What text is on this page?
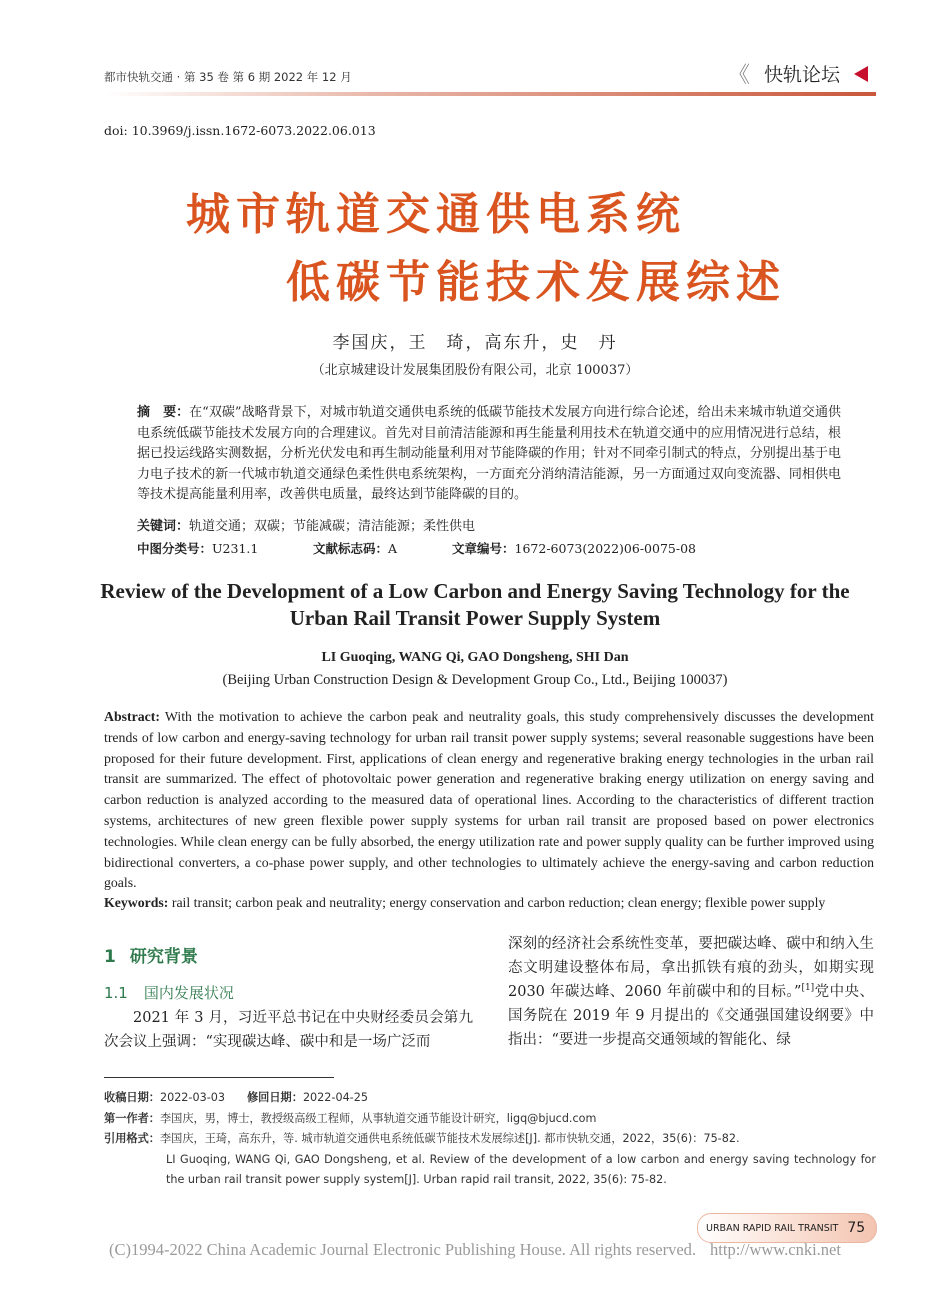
都市快轨交通 · 第 35 卷 第 6 期 2022 年 12 月	《 快轨论坛
doi: 10.3969/j.issn.1672-6073.2022.06.013
城市轨道交通供电系统
低碳节能技术发展综述
李国庆，王　琦，高东升，史　丹
（北京城建设计发展集团股份有限公司，北京 100037）
摘　要：在“双碳”战略背景下，对城市轨道交通供电系统的低碳节能技术发展方向进行综合论述，给出未来城市轨道交通供电系统低碳节能技术发展方向的合理建议。首先对目前清洁能源和再生能量利用技术在轨道交通中的应用情况进行总结，根据已投运线路实测数据，分析光伏发电和再生制动能量利用对节能降碳的作用；针对不同牵引制式的特点，分别提出基于电力电子技术的新一代城市轨道交通绿色柔性供电系统架构，一方面充分消纳清洁能源，另一方面通过双向变流器、同相供电等技术提高能量利用率，改善供电质量，最终达到节能降碳的目的。
关键词：轨道交通；双碳；节能减碳；清洁能源；柔性供电
中图分类号：U231.1	文献标志码：A	文章编号：1672-6073(2022)06-0075-08
Review of the Development of a Low Carbon and Energy Saving Technology for the Urban Rail Transit Power Supply System
LI Guoqing, WANG Qi, GAO Dongsheng, SHI Dan
(Beijing Urban Construction Design & Development Group Co., Ltd., Beijing 100037)
Abstract: With the motivation to achieve the carbon peak and neutrality goals, this study comprehensively discusses the development trends of low carbon and energy-saving technology for urban rail transit power supply systems; several reasonable suggestions have been proposed for their future development. First, applications of clean energy and regenerative braking energy technologies in the urban rail transit are summarized. The effect of photovoltaic power generation and regenerative braking energy utilization on energy saving and carbon reduction is analyzed according to the measured data of operational lines. According to the characteristics of different traction systems, architectures of new green flexible power supply systems for urban rail transit are proposed based on power electronics technologies. While clean energy can be fully absorbed, the energy utilization rate and power supply quality can be further improved using bidirectional converters, a co-phase power supply, and other technologies to ultimately achieve the energy-saving and carbon reduction goals.
Keywords: rail transit; carbon peak and neutrality; energy conservation and carbon reduction; clean energy; flexible power supply
1 研究背景
1.1 国内发展状况
2021 年 3 月，习近平总书记在中央财经委员会第九次会议上强调：“实现碳达峰、碳中和是一场广泛而
深刻的经济社会系统性变革，要把碳达峰、碳中和纳入生态文明建设整体布局，拿出抓铁有痕的劲头，如期实现 2030 年碳达峰、2060 年前碳中和的目标。”[1]党中央、国务院在 2019 年 9 月提出的《交通强国建设纲要》中指出：“要进一步提高交通领域的智能化、绿
收稿日期：2022-03-03 修回日期：2022-04-25
第一作者：李国庆，男，博士，教授级高级工程师，从事轨道交通节能设计研究，ligq@bjucd.com
引用格式：李国庆，王琦，高东升，等. 城市轨道交通供电系统低碳节能技术发展综述[J]. 都市快轨交通，2022，35(6)：75-82.
LI Guoqing, WANG Qi, GAO Dongsheng, et al. Review of the development of a low carbon and energy saving technology for the urban rail transit power supply system[J]. Urban rapid rail transit, 2022, 35(6): 75-82.
URBAN RAPID RAIL TRANSIT 75
(C)1994-2022 China Academic Journal Electronic Publishing House. All rights reserved. http://www.cnki.net
